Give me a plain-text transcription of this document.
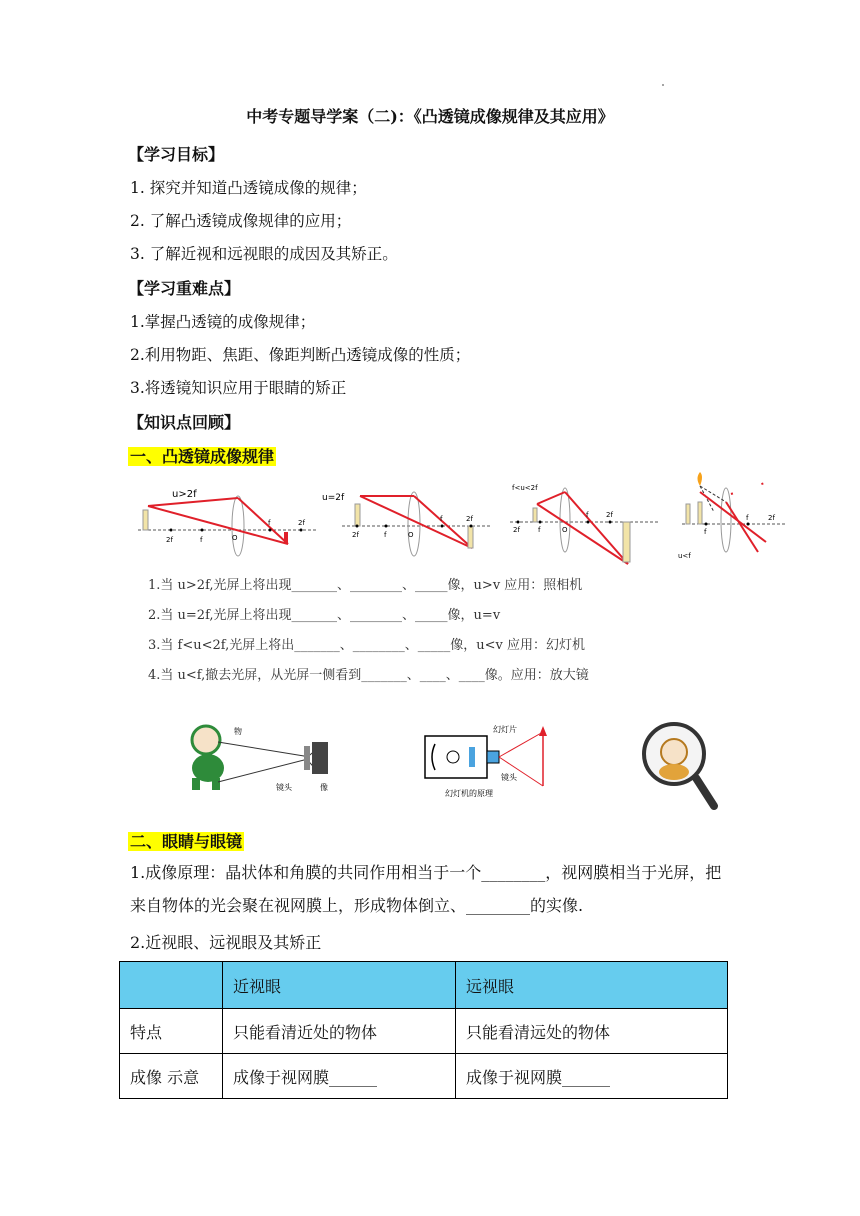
中考专题导学案（二)：《凸透镜成像规律及其应用》
【学习目标】
1. 探究并知道凸透镜成像的规律；
2. 了解凸透镜成像规律的应用；
3. 了解近视和远视眼的成因及其矫正。
【学习重难点】
1.掌握凸透镜的成像规律；
2.利用物距、焦距、像距判断凸透镜成像的性质；
3.将透镜知识应用于眼睛的矫正
【知识点回顾】
一、凸透镜成像规律
u>2f
2f	f	O
f	2f
u=2f
2f	f	O
f	2f
f<u<2f
2f	f	O
f	2f
u<f
f
f	2f
1.当 u>2f,光屏上将出现_______、________、_____像，u>v 应用：照相机
2.当 u=2f,光屏上将出现_______、________、_____像，u=v
3.当 f<u<2f,光屏上将出_______、________、_____像，u<v 应用：幻灯机
4.当 u<f,撤去光屏，从光屏一侧看到_______、____、____像。应用：放大镜
物
镜头	像
幻灯片
镜头
幻灯机的原理
二、眼睛与眼镜
1.成像原理：晶状体和角膜的共同作用相当于一个________，视网膜相当于光屏，把来自物体的光会聚在视网膜上，形成物体倒立、________的实像.
2.近视眼、远视眼及其矫正
	近视眼	远视眼
特点	只能看清近处的物体	只能看清远处的物体
成像 示意	成像于视网膜______	成像于视网膜______
